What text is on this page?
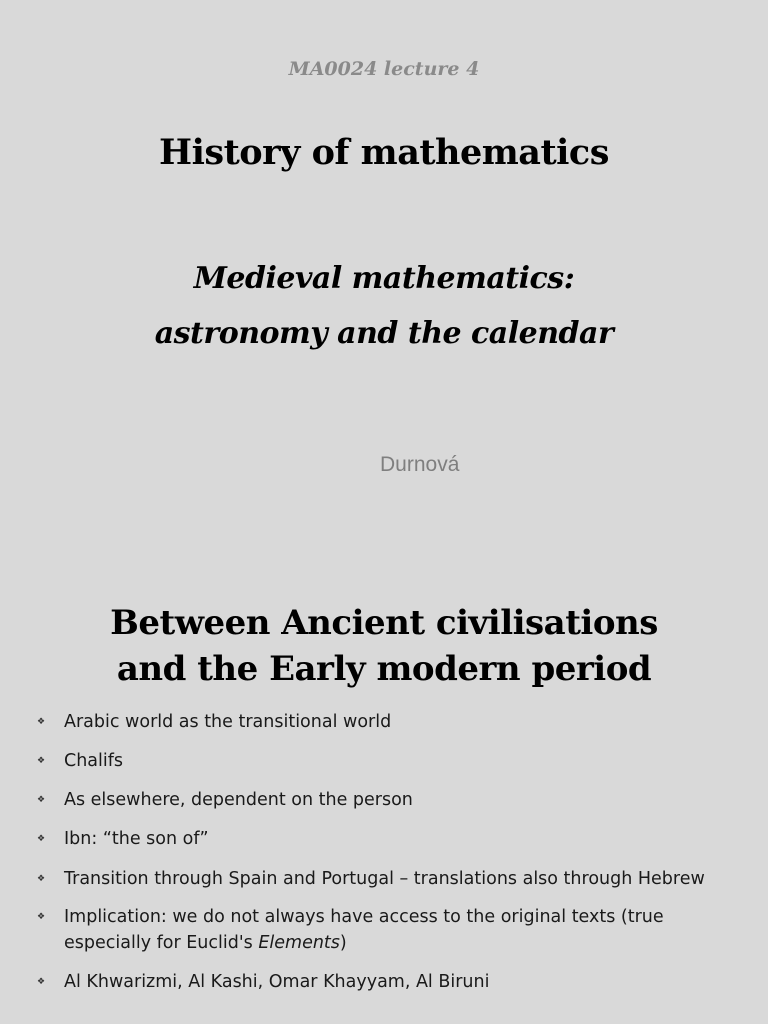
MA0024 lecture 4
History of mathematics
Medieval mathematics:
astronomy and the calendar
Durnová
Between Ancient civilisations
and the Early modern period
❖ Arabic world as the transitional world
❖ Chalifs
❖ As elsewhere, dependent on the person
❖ Ibn: “the son of”
❖ Transition through Spain and Portugal – translations also through Hebrew
❖ Implication: we do not always have access to the original texts (true especially for Euclid's Elements)
❖ Al Khwarizmi, Al Kashi, Omar Khayyam, Al Biruni
